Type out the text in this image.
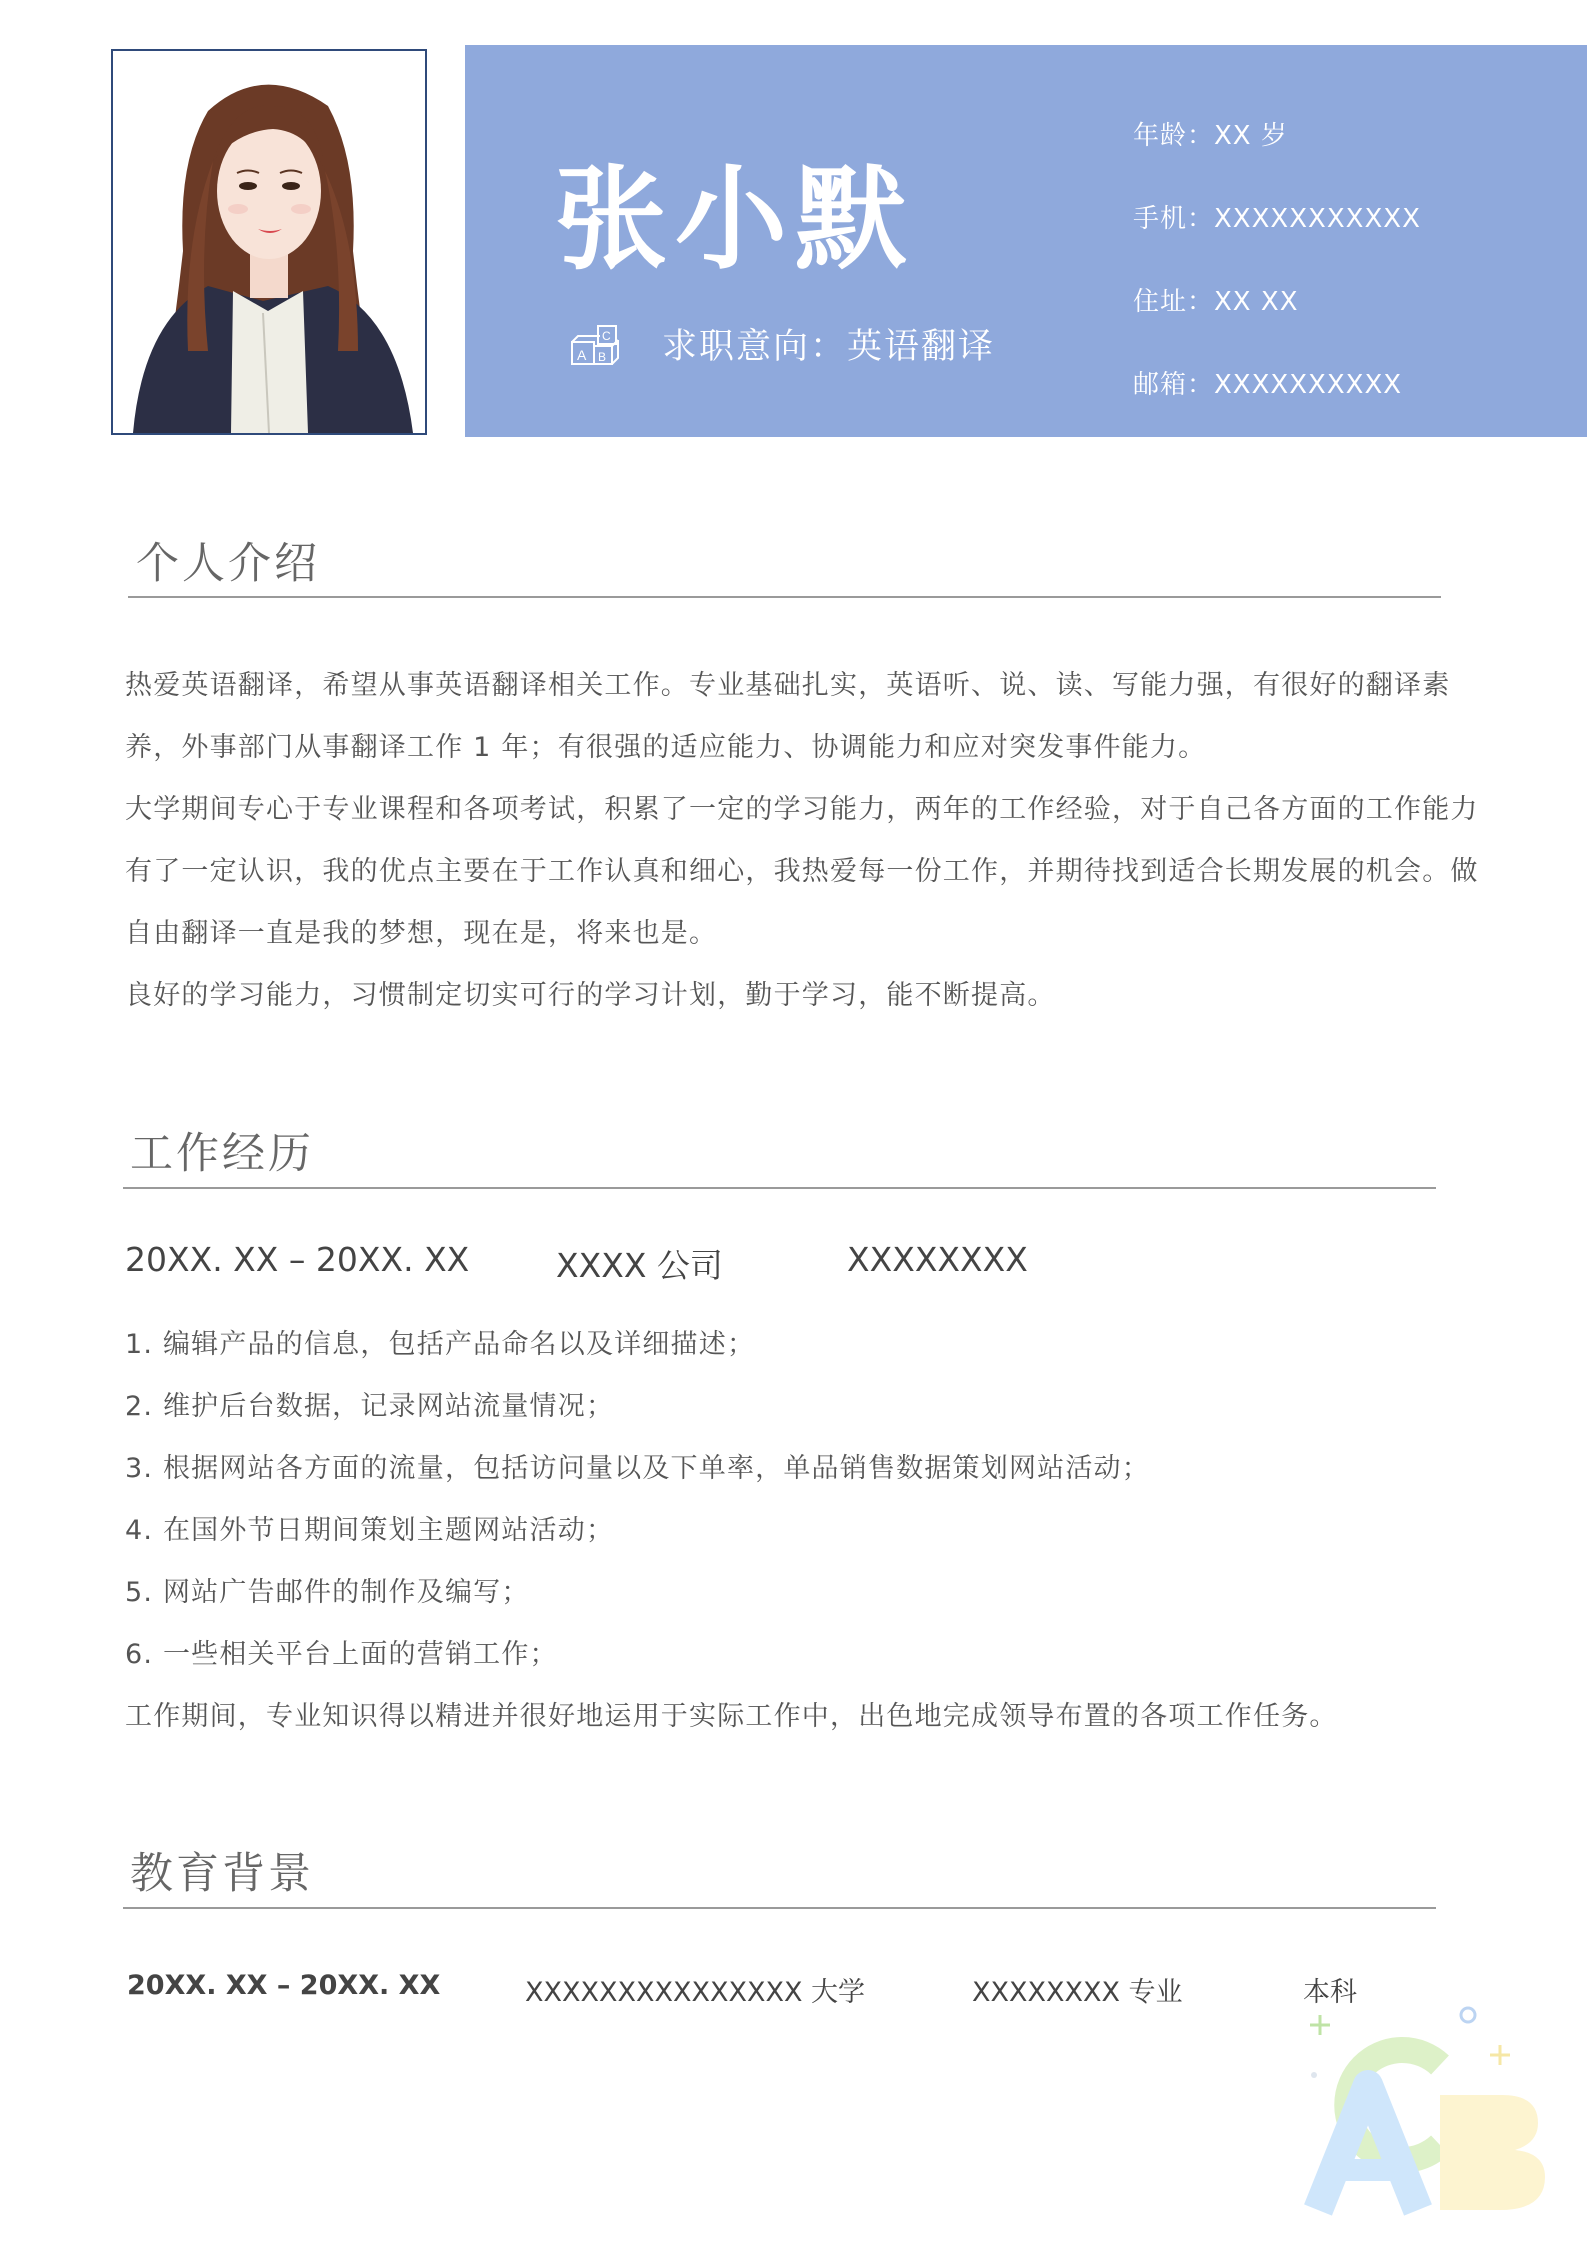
张小默
A B
C 求职意向：英语翻译
年龄：XX 岁
手机：XXXXXXXXXXX
住址：XX XX
邮箱：XXXXXXXXXX
个人介绍

热爱英语翻译，希望从事英语翻译相关工作。专业基础扎实，英语听、说、读、写能力强，有很好的翻译素养，外事部门从事翻译工作 1 年；有很强的适应能力、协调能力和应对突发事件能力。

大学期间专心于专业课程和各项考试，积累了一定的学习能力，两年的工作经验，对于自己各方面的工作能力有了一定认识，我的优点主要在于工作认真和细心，我热爱每一份工作，并期待找到适合长期发展的机会。做自由翻译一直是我的梦想，现在是，将来也是。

良好的学习能力，习惯制定切实可行的学习计划，勤于学习，能不断提高。

工作经历
20XX. XX – 20XX. XX	XXXX 公司	XXXXXXXX
1. 编辑产品的信息，包括产品命名以及详细描述；
2. 维护后台数据，记录网站流量情况；
3. 根据网站各方面的流量，包括访问量以及下单率，单品销售数据策划网站活动；
4. 在国外节日期间策划主题网站活动；
5. 网站广告邮件的制作及编写；
6. 一些相关平台上面的营销工作；
工作期间，专业知识得以精进并很好地运用于实际工作中，出色地完成领导布置的各项工作任务。
教育背景
20XX. XX – 20XX. XX	XXXXXXXXXXXXXXX 大学	XXXXXXXX 专业	本科
